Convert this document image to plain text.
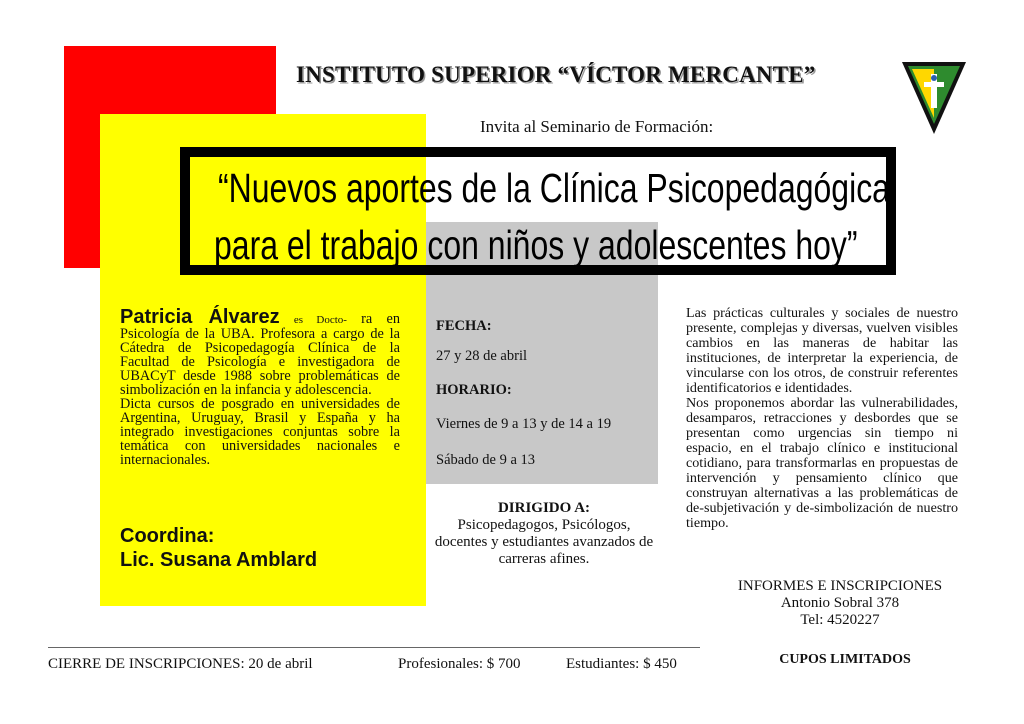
INSTITUTO SUPERIOR “VÍCTOR MERCANTE”
Invita al Seminario de Formación:
“Nuevos aportes de la Clínica Psicopedagógica
para el trabajo con niños y adolescentes hoy”
Patricia Álvarez es Docto- ra en Psicología de la UBA. Profesora a cargo de la Cátedra de Psicopedagogía Clínica de la Facultad de Psicología e investigadora de UBACyT desde 1988 sobre problemáticas de simbolización en la infancia y adolescencia.
Dicta cursos de posgrado en universidades de Argentina, Uruguay, Brasil y España y ha integrado investigaciones conjuntas sobre la temática con universidades nacionales e internacionales.
Coordina:
Lic. Susana Amblard
FECHA:
27 y 28 de abril
HORARIO:
Viernes de 9 a 13 y de 14 a 19
Sábado de 9 a 13
DIRIGIDO A:
Psicopedagogos, Psicólogos, docentes y estudiantes avanzados de carreras afines.
Las prácticas culturales y sociales de nuestro presente, complejas y diversas, vuelven visibles cambios en las maneras de habitar las instituciones, de interpretar la experiencia, de vincularse con los otros, de construir referentes identificatorios e identidades.
Nos proponemos abordar las vulnerabilidades, desamparos, retracciones y desbordes que se presentan como urgencias sin tiempo ni espacio, en el trabajo clínico e institucional cotidiano, para transformarlas en propuestas de intervención y pensamiento clínico que construyan alternativas a las problemáticas de de-subjetivación y de-simbolización de nuestro tiempo.
INFORMES E INSCRIPCIONES
Antonio Sobral 378
Tel: 4520227
CUPOS LIMITADOS
CIERRE DE INSCRIPCIONES: 20 de abril	Profesionales: $ 700	Estudiantes: $ 450
